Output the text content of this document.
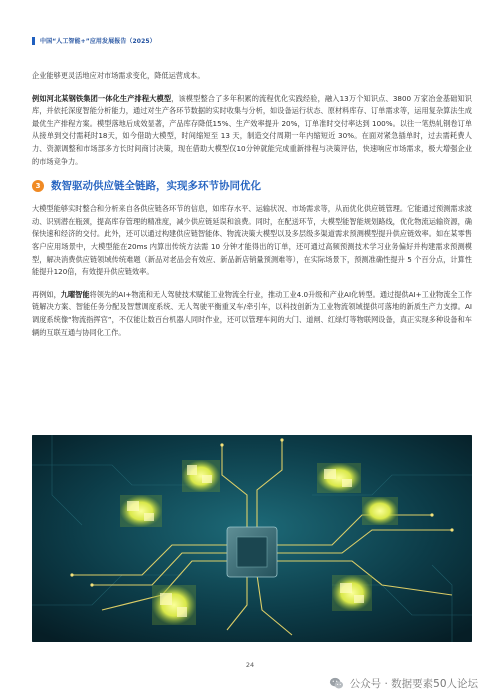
中国“人工智能+”应用发展报告（2025）

企业能够更灵活地应对市场需求变化，降低运营成本。

例如河北某钢铁集团一体化生产排程大模型，该模型整合了多年积累的流程优化实践经验，融入13万个知识点、3800 万家冶金基础知识库，并依托深度智能分析能力，通过对生产各环节数据的实时收集与分析，如设备运行状态、原材料库存、订单需求等，运用复杂算法生成最优生产排程方案。模型落地后成效显著，产品库存降低15%、生产效率提升 20%，订单准时交付率达到 100%。以往一笔热轧钢卷订单从接单到交付需耗时18天，如今借助大模型，时间缩短至 13 天，制造交付周期一年内缩短近 30%。在面对紧急插单时，过去需耗费人力、资源调整和市场部多方长时间商讨决策，现在借助大模型仅10分钟就能完成重新排程与决策评估，快速响应市场需求，极大增强企业的市场竞争力。

3	数智驱动供应链全链路，实现多环节协同优化

大模型能够实时整合和分析来自各供应链各环节的信息，如库存水平、运输状况、市场需求等，从而优化供应链管理。它能通过预测需求波动、识别潜在瓶颈，提高库存管理的精准度，减少供应链延误和浪费。同时，在配送环节，大模型能智能规划路线，优化物流运输资源，确保快速和经济的交付。此外，还可以通过构建供应链智能体、物流决策大模型以及多层级多渠道需求预测模型提升供应链效率。如在某零售客户应用场景中，大模型能在20ms 内算出传统方法需 10 分钟才能得出的订单，还可通过高频预测技术学习业务偏好并构建需求预测模型，解决消费供应链领域传统难题（新品对老品会有效应、新品新店销量预测难等），在实际场景下，预测准确性提升 5 个百分点，计算性能提升120倍，有效提升供应链效率。

再例如，九曜智能将领先的AI+物流和无人驾驶技术赋能工业物流全行业，推动工业4.0升级和产业AI化转型。通过提供AI+工业物流全工作链解决方案、智能任务分配及智慧调度系统、无人驾驶平衡重叉车/牵引车，以科技创新为工业物流领域提供可落地的新质生产力支撑。AI调度系统像“物流指挥官”，不仅能让数百台机器人同时作业，还可以管理车间的大门、道闸、红绿灯等物联网设备，真正实现多种设备和车辆的互联互通与协同化工作。

24
公众号 · 数据要素50人论坛
